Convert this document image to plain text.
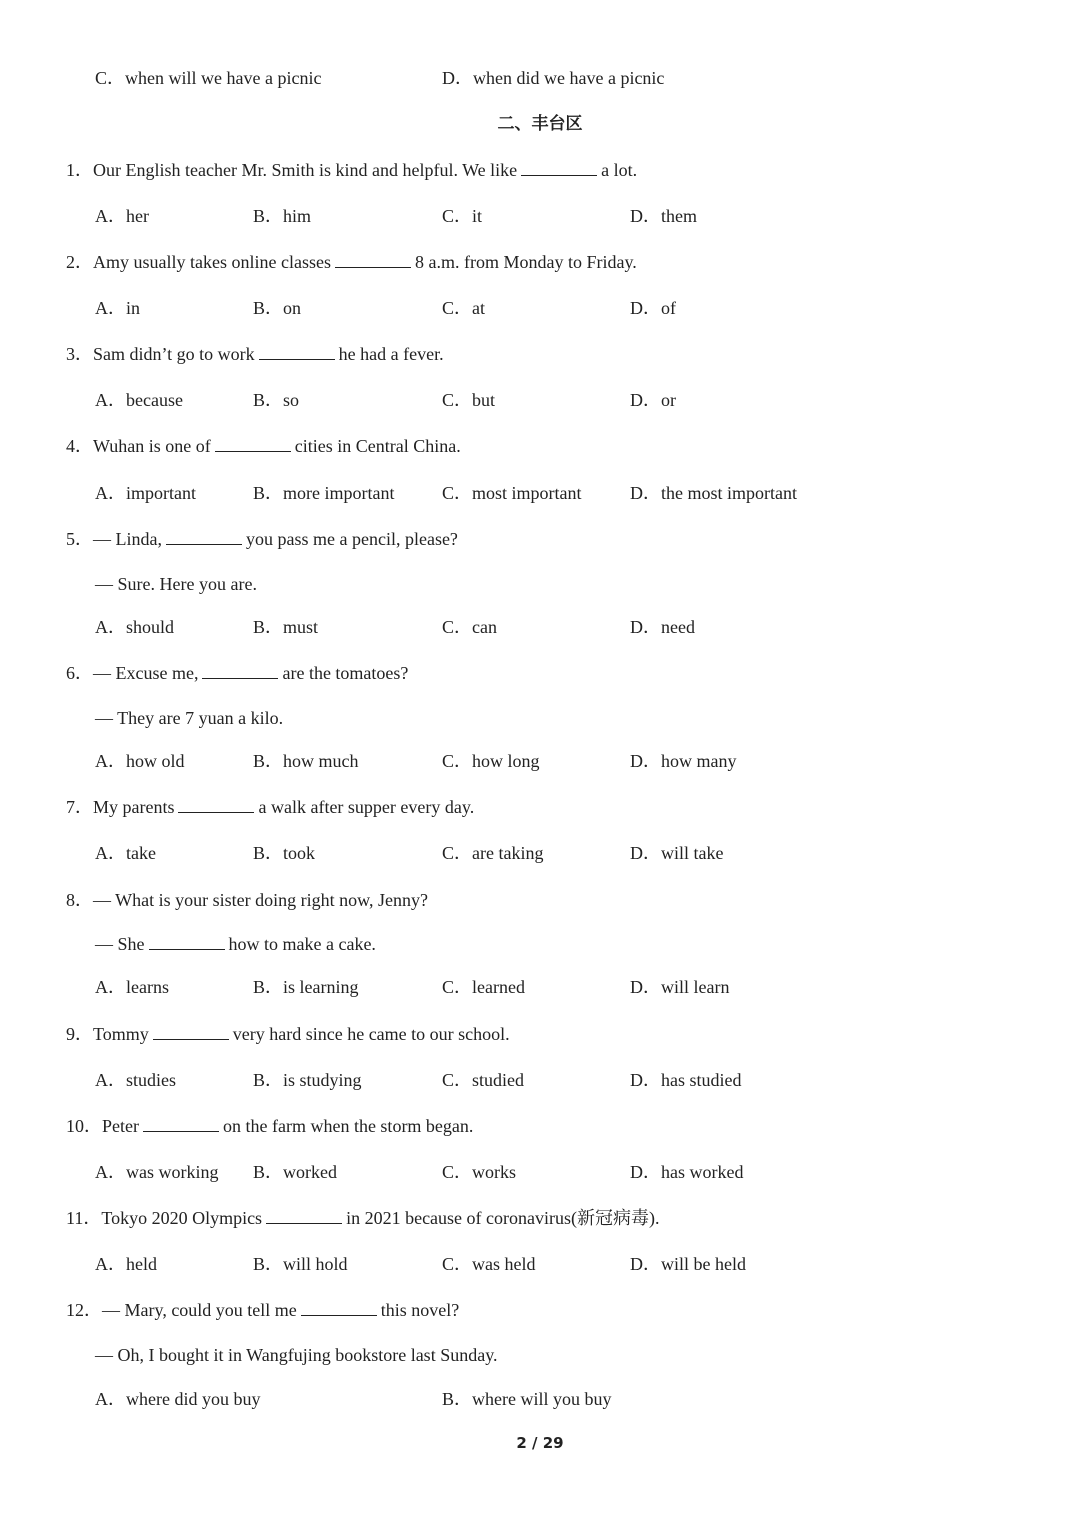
C．when will we have a picnic	D．when did we have a picnic
二、丰台区
1．Our English teacher Mr. Smith is kind and helpful. We like	a lot.
A．her	B．him	C．it	D．them
2．Amy usually takes online classes	8 a.m. from Monday to Friday.
A．in	B．on	C．at	D．of
3．Sam didn’t go to work	he had a fever.
A．because	B．so	C．but	D．or
4．Wuhan is one of	cities in Central China.
A．important	B．more important	C．most important	D．the most important
5．— Linda,	you pass me a pencil, please?
— Sure. Here you are.
A．should	B．must	C．can	D．need
6．— Excuse me,	are the tomatoes?
— They are 7 yuan a kilo.
A．how old	B．how much	C．how long	D．how many
7．My parents	a walk after supper every day.
A．take	B．took	C．are taking	D．will take
8．— What is your sister doing right now, Jenny?
— She	how to make a cake.
A．learns	B．is learning	C．learned	D．will learn
9．Tommy	very hard since he came to our school.
A．studies	B．is studying	C．studied	D．has studied
10．Peter	on the farm when the storm began.
A．was working B．worked	C．works	D．has worked
11．Tokyo 2020 Olympics	in 2021 because of coronavirus(新冠病毒).
A．held	B．will hold	C．was held	D．will be held
12．— Mary, could you tell me	this novel?
— Oh, I bought it in Wangfujing bookstore last Sunday.
A．where did you buy	B．where will you buy
2 / 29
